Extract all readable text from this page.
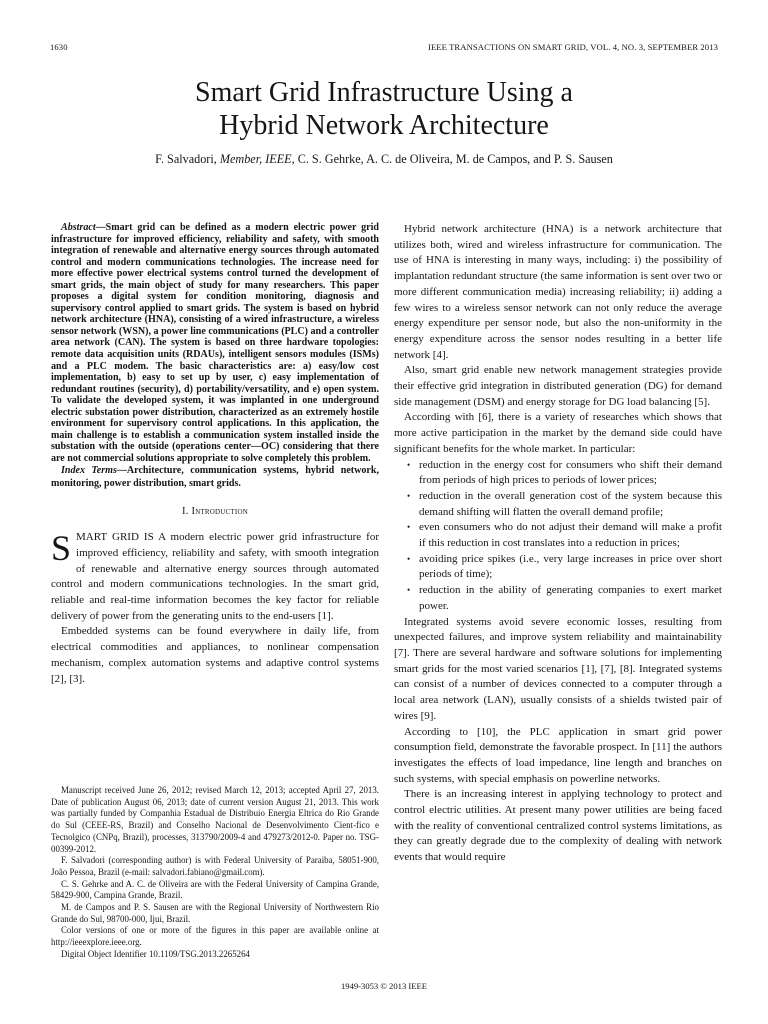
1630	IEEE TRANSACTIONS ON SMART GRID, VOL. 4, NO. 3, SEPTEMBER 2013
Smart Grid Infrastructure Using a
Hybrid Network Architecture
F. Salvadori, Member, IEEE, C. S. Gehrke, A. C. de Oliveira, M. de Campos, and P. S. Sausen

Abstract—Smart grid can be defined as a modern electric power grid infrastructure for improved efficiency, reliability and safety, with smooth integration of renewable and alternative energy sources through automated control and modern communications technologies. The increase need for more effective power electrical systems control turned the development of smart grids, the main object of study for many researchers. This paper proposes a digital system for condition monitoring, diagnosis and supervisory control applied to smart grids. The system is based on hybrid network architecture (HNA), consisting of a wired infrastructure, a wireless sensor network (WSN), a power line communications (PLC) and a controller area network (CAN). The system is based on three hardware topologies: remote data acquisition units (RDAUs), intelligent sensors modules (ISMs) and a PLC modem. The basic characteristics are: a) easy/low cost implementation, b) easy to set up by user, c) easy implementation of redundant routines (security), d) portability/versatility, and e) open system. To validate the developed system, it was implanted in one underground electric substation power distribution, characterized as an extremely hostile environment for supervisory control applications. In this application, the main challenge is to establish a communication system installed inside the substation with the outside (operations center—OC) considering that there are not commercial solutions appropriate to solve completely this problem.

Index Terms—Architecture, communication systems, hybrid network, monitoring, power distribution, smart grids.

I. Introduction

SMART GRID IS A modern electric power grid infrastructure for improved efficiency, reliability and safety, with smooth integration of renewable and alternative energy sources through automated control and modern communications technologies. In the smart grid, reliable and real-time information becomes the key factor for reliable delivery of power from the generating units to the end-users [1].

Embedded systems can be found everywhere in daily life, from electrical commodities and appliances, to nonlinear compensation mechanism, complex automation systems and adaptive control systems [2], [3].

Manuscript received June 26, 2012; revised March 12, 2013; accepted April 27, 2013. Date of publication August 06, 2013; date of current version August 21, 2013. This work was partially funded by Companhia Estadual de Distribuio Energia Eltrica do Rio Grande do Sul (CEEE-RS, Brazil) and Conselho Nacional de Desenvolvimento Cient-fico e Tecnolgico (CNPq, Brazil), processes, 313790/2009-4 and 479273/2012-0. Paper no. TSG-00399-2012.

F. Salvadori (corresponding author) is with Federal University of Paraiba, 58051-900, João Pessoa, Brazil (e-mail: salvadori.fabiano@gmail.com).

C. S. Gehrke and A. C. de Oliveira are with the Federal University of Campina Grande, 58429-900, Campina Grande, Brazil.

M. de Campos and P. S. Sausen are with the Regional University of Northwestern Rio Grande do Sul, 98700-000, Ijui, Brazil.

Color versions of one or more of the figures in this paper are available online at http://ieeexplore.ieee.org.

Digital Object Identifier 10.1109/TSG.2013.2265264

Hybrid network architecture (HNA) is a network architecture that utilizes both, wired and wireless infrastructure for communication. The use of HNA is interesting in many ways, including: i) the possibility of implantation redundant structure (the same information is sent over two or more different communication media) increasing reliability; ii) adding a few wires to a wireless sensor network can not only reduce the average energy expenditure per sensor node, but also the non-uniformity in the energy expenditure across the sensor nodes resulting in a better life network [4].

Also, smart grid enable new network management strategies provide their effective grid integration in distributed generation (DG) for demand side management (DSM) and energy storage for DG load balancing [5].

According with [6], there is a variety of researches which shows that more active participation in the market by the demand side could have significant benefits for the whole market. In particular:

• reduction in the energy cost for consumers who shift their demand from periods of high prices to periods of lower prices;
• reduction in the overall generation cost of the system because this demand shifting will flatten the overall demand profile;
• even consumers who do not adjust their demand will make a profit if this reduction in cost translates into a reduction in prices;
• avoiding price spikes (i.e., very large increases in price over short periods of time);
• reduction in the ability of generating companies to exert market power.

Integrated systems avoid severe economic losses, resulting from unexpected failures, and improve system reliability and maintainability [7]. There are several hardware and software solutions for implementing smart grids for the most varied scenarios [1], [7], [8]. Integrated systems can consist of a number of devices connected to a computer through a local area network (LAN), usually consists of a shields twisted pair of wires [9].

According to [10], the PLC application in smart grid power consumption field, demonstrate the favorable prospect. In [11] the authors investigates the effects of load impedance, line length and branches on such systems, with special emphasis on powerline networks.

There is an increasing interest in applying technology to protect and control electric utilities. At present many power utilities are being faced with the reality of conventional centralized control systems limitations, as they can greatly degrade due to the complexity of dealing with network events that would require

1949-3053 © 2013 IEEE
